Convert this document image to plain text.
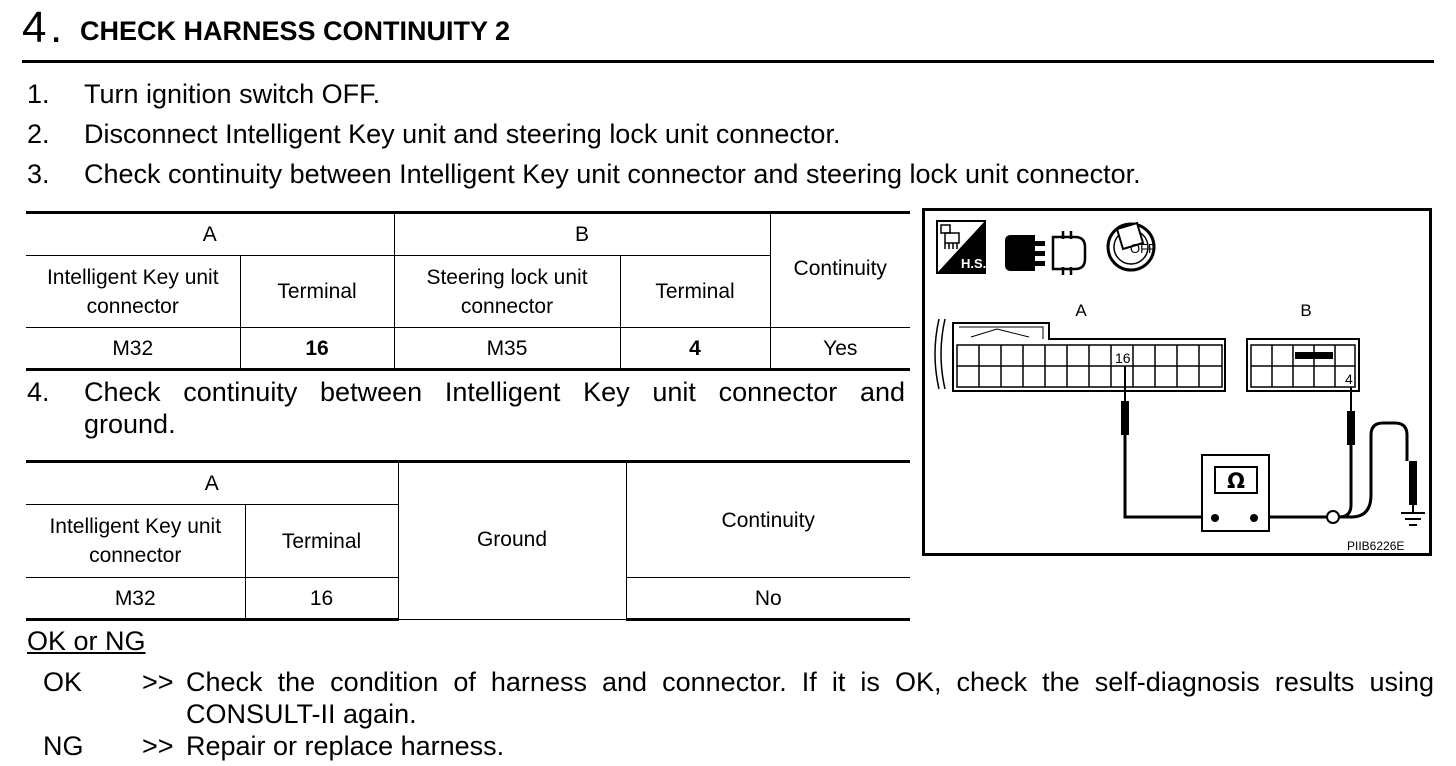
4 . CHECK HARNESS CONTINUITY 2
1. Turn ignition switch OFF.
2. Disconnect Intelligent Key unit and steering lock unit connector.
3. Check continuity between Intelligent Key unit connector and steering lock unit connector.
A		B		Continuity
Intelligent Key unit connector	Terminal	Steering lock unit connector	Terminal	
M32	16	M35	4	Yes
4. Check continuity between Intelligent Key unit connector and
ground.
A		Ground	Continuity
Intelligent Key unit connector	Terminal		
M32	16		No
OK or NG
OK >> Check the condition of harness and connector. If it is OK, check the self-diagnosis results using
CONSULT-II again.
NG >> Repair or replace harness.
H.S.
OFF
A	B
16
4
Ω
PIIB6226E
